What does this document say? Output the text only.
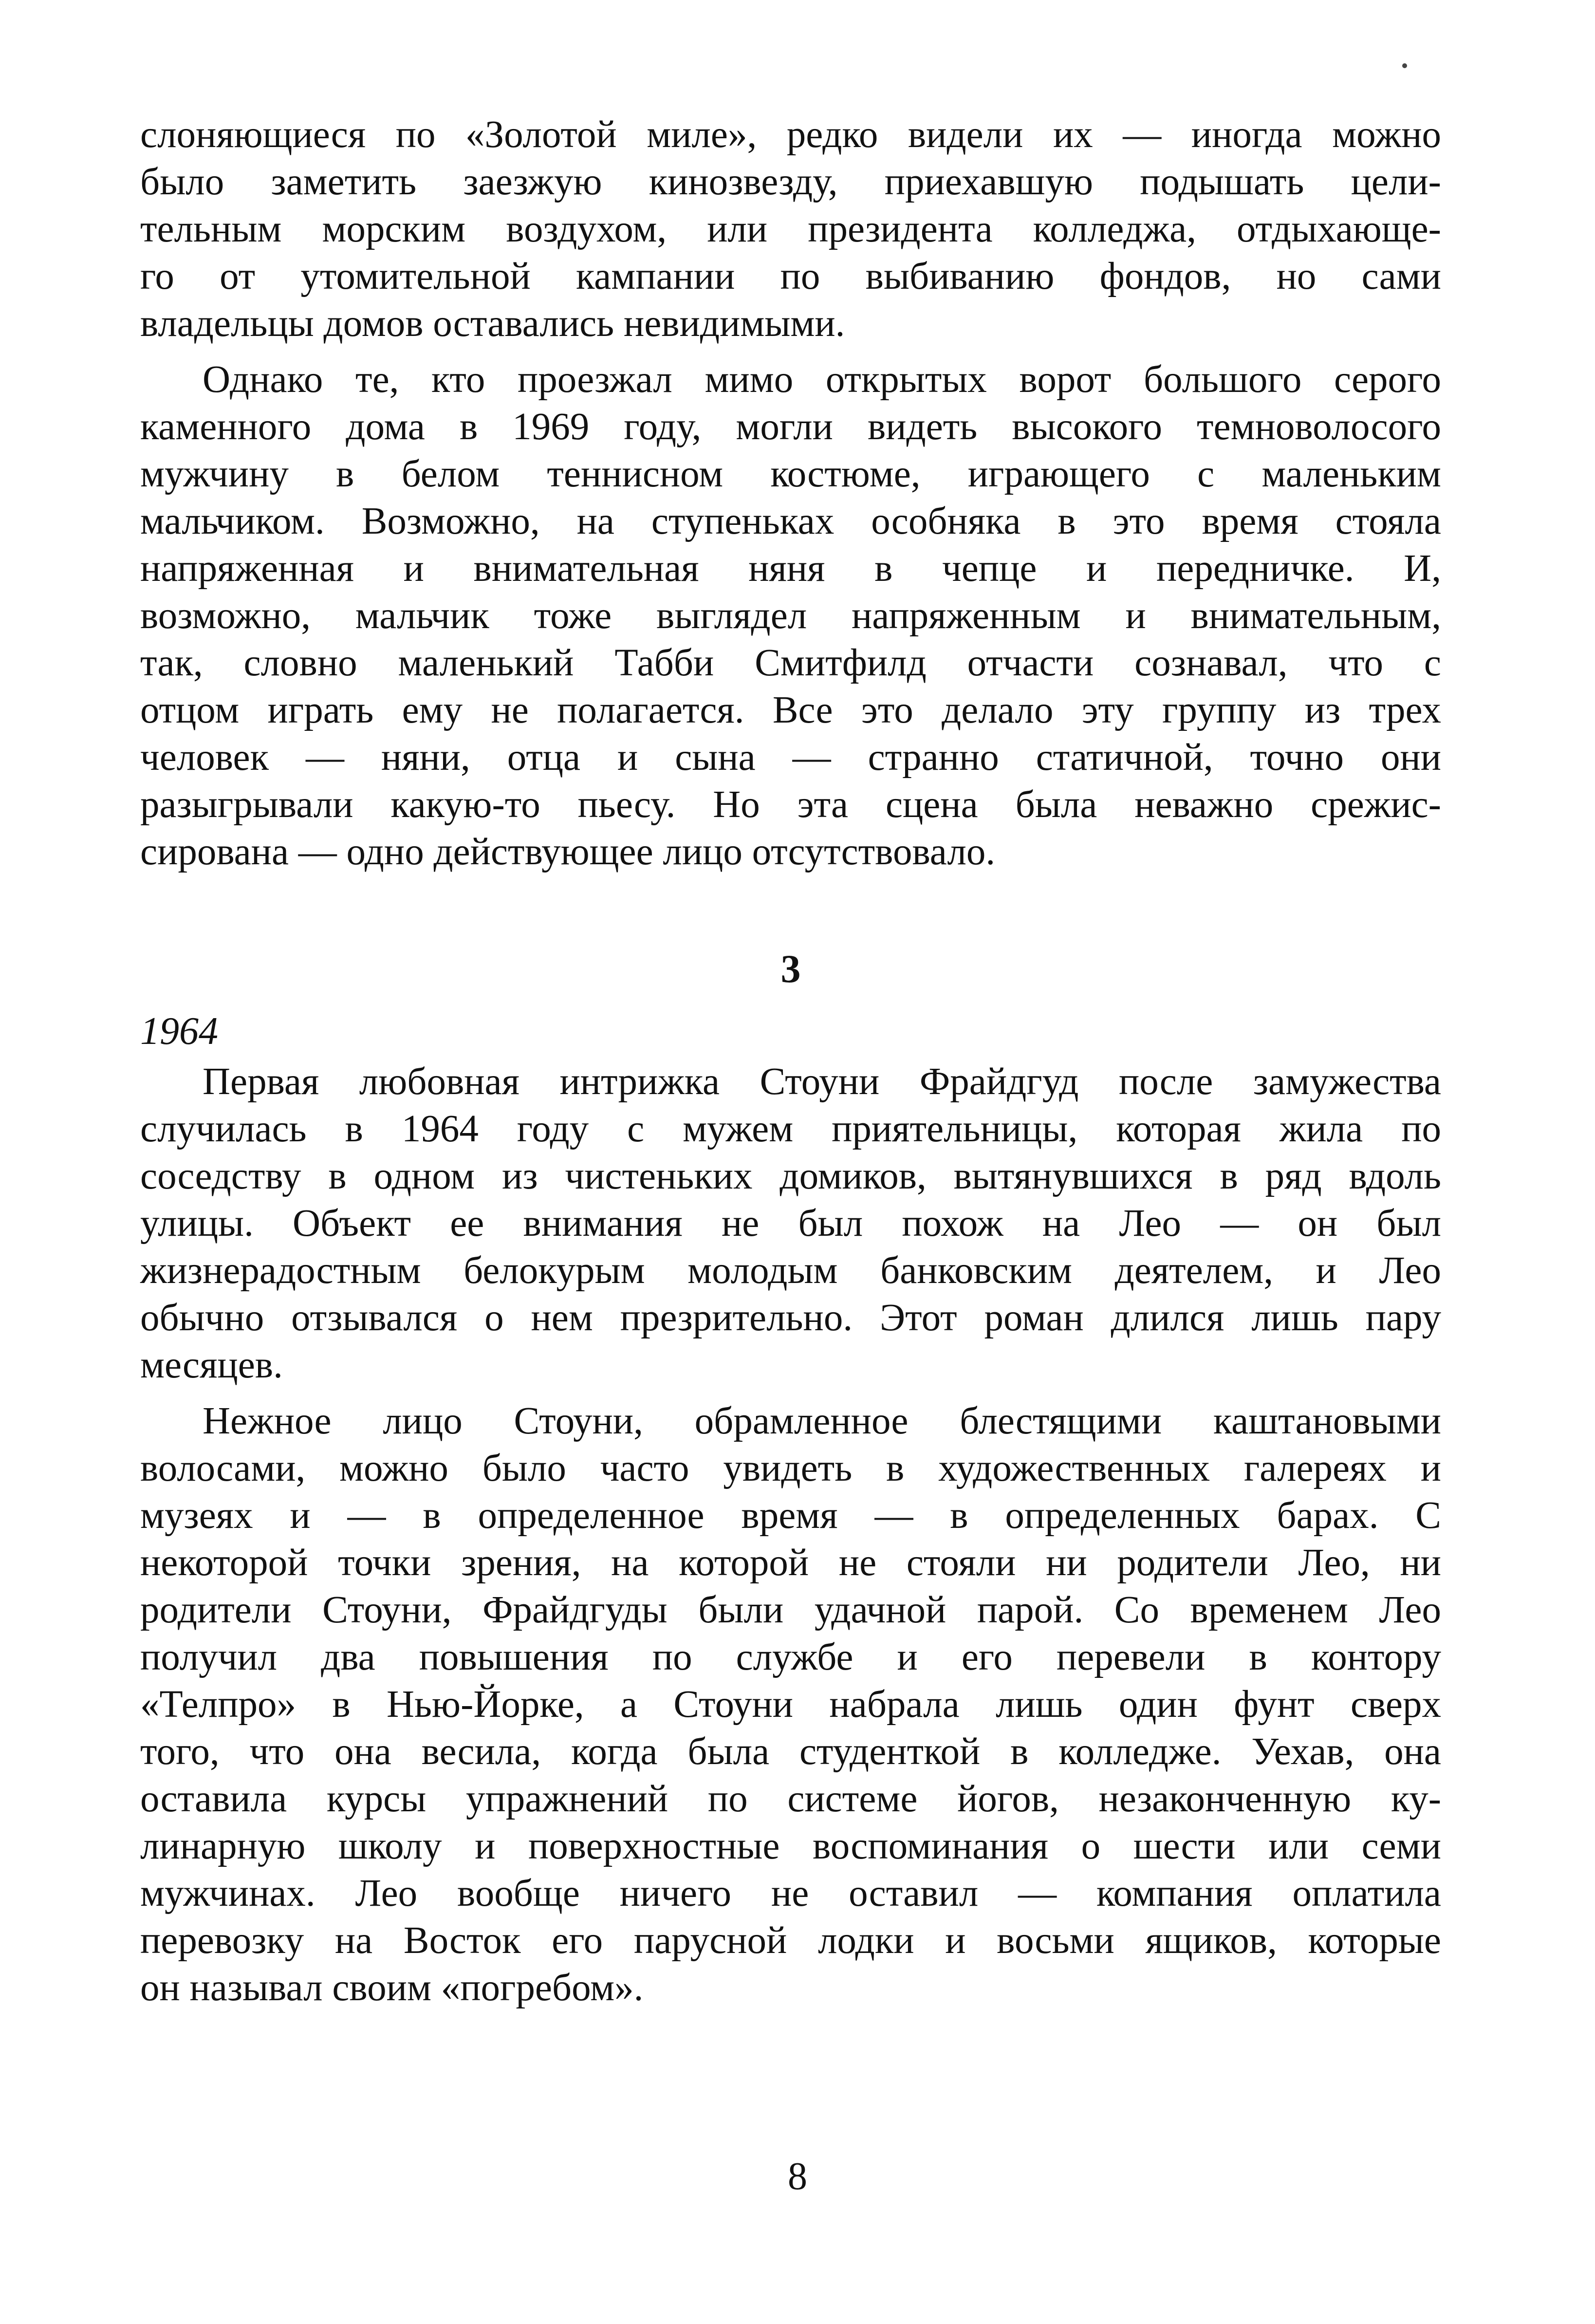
слоняющиеся по «Золотой миле», редко видели их — иногда можно
было заметить заезжую кинозвезду, приехавшую подышать цели-
тельным морским воздухом, или президента колледжа, отдыхающе-
го от утомительной кампании по выбиванию фондов, но сами
владельцы домов оставались невидимыми.

Однако те, кто проезжал мимо открытых ворот большого серого
каменного дома в 1969 году, могли видеть высокого темноволосого
мужчину в белом теннисном костюме, играющего с маленьким
мальчиком. Возможно, на ступеньках особняка в это время стояла
напряженная и внимательная няня в чепце и передничке. И,
возможно, мальчик тоже выглядел напряженным и внимательным,
так, словно маленький Табби Смитфилд отчасти сознавал, что с
отцом играть ему не полагается. Все это делало эту группу из трех
человек — няни, отца и сына — странно статичной, точно они
разыгрывали какую-то пьесу. Но эта сцена была неважно срежис-
сирована — одно действующее лицо отсутствовало.

3
1964

Первая любовная интрижка Стоуни Фрайдгуд после замужества
случилась в 1964 году с мужем приятельницы, которая жила по
соседству в одном из чистеньких домиков, вытянувшихся в ряд вдоль
улицы. Объект ее внимания не был похож на Лео — он был
жизнерадостным белокурым молодым банковским деятелем, и Лео
обычно отзывался о нем презрительно. Этот роман длился лишь пару
месяцев.

Нежное лицо Стоуни, обрамленное блестящими каштановыми
волосами, можно было часто увидеть в художественных галереях и
музеях и — в определенное время — в определенных барах. С
некоторой точки зрения, на которой не стояли ни родители Лео, ни
родители Стоуни, Фрайдгуды были удачной парой. Со временем Лео
получил два повышения по службе и его перевели в контору
«Телпро» в Нью-Йорке, а Стоуни набрала лишь один фунт сверх
того, что она весила, когда была студенткой в колледже. Уехав, она
оставила курсы упражнений по системе йогов, незаконченную ку-
линарную школу и поверхностные воспоминания о шести или семи
мужчинах. Лео вообще ничего не оставил — компания оплатила
перевозку на Восток его парусной лодки и восьми ящиков, которые
он называл своим «погребом».

8
